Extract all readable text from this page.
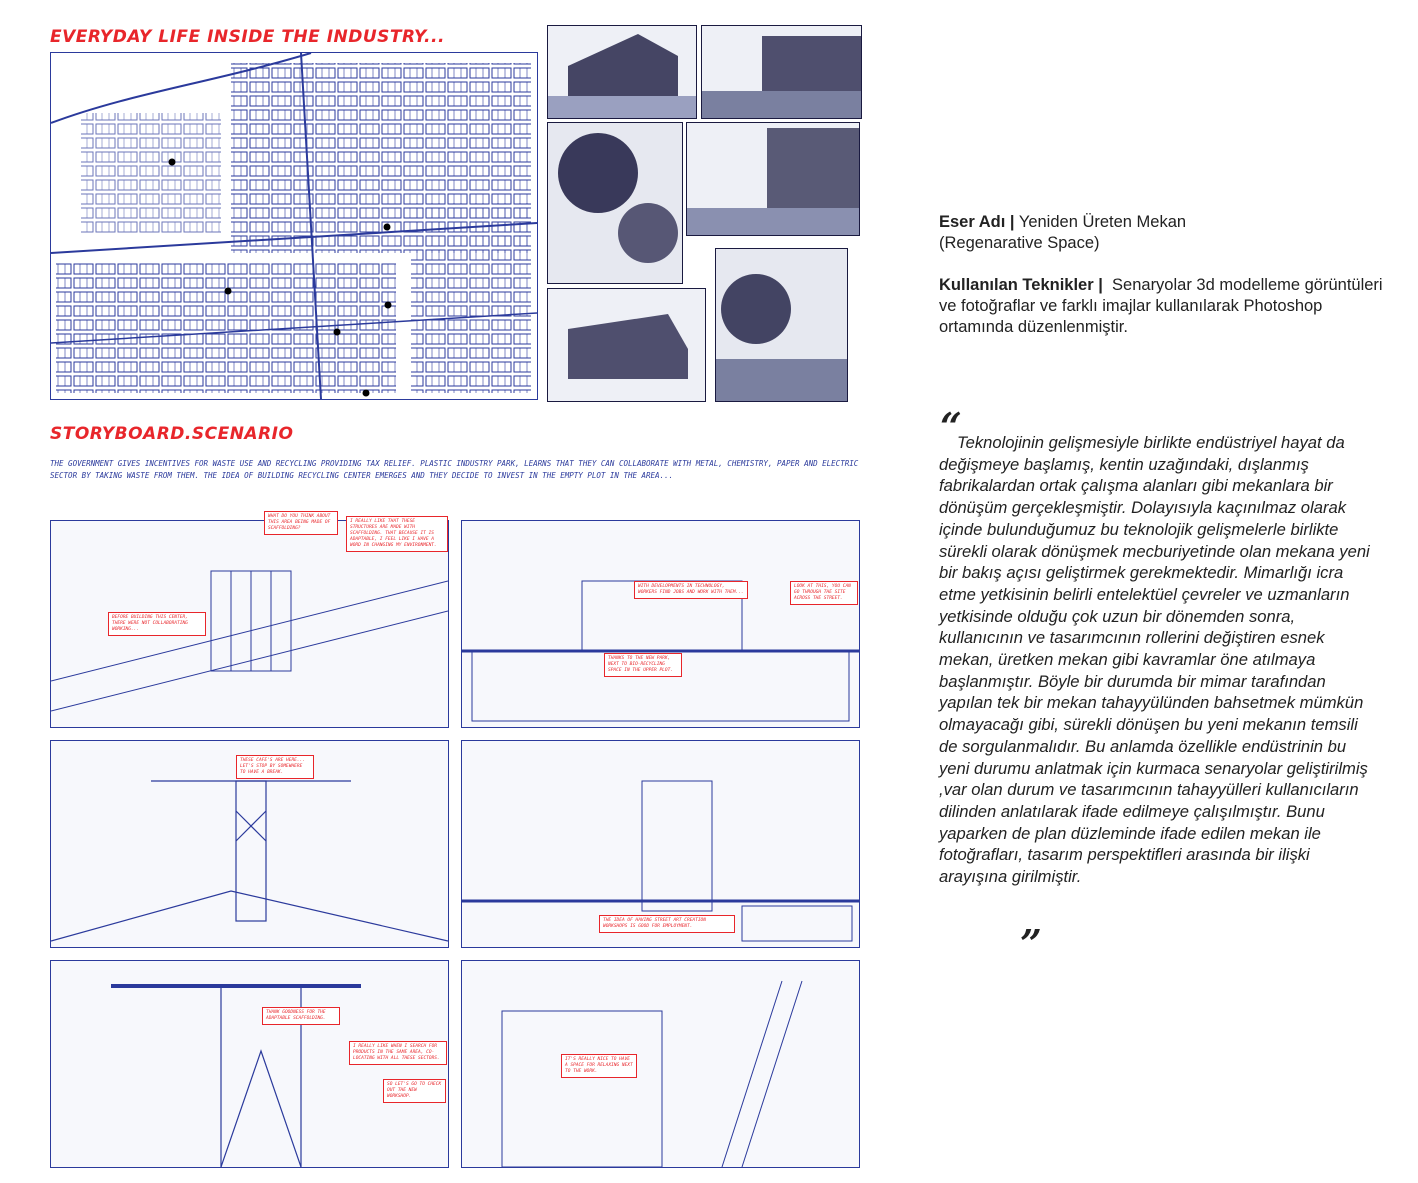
EVERYDAY LIFE INSIDE THE INDUSTRY...
STORYBOARD.SCENARIO
THE GOVERNMENT GIVES INCENTIVES FOR WASTE USE AND RECYCLING PROVIDING TAX RELIEF. PLASTIC INDUSTRY PARK, LEARNS THAT THEY CAN COLLABORATE WITH METAL, CHEMISTRY, PAPER AND ELECTRIC SECTOR BY TAKING WASTE FROM THEM. THE IDEA OF BUILDING RECYCLING CENTER EMERGES AND THEY DECIDE TO INVEST IN THE EMPTY PLOT IN THE AREA...
WHAT DO YOU THINK ABOUT THIS AREA BEING MADE OF SCAFFOLDING?
I REALLY LIKE THAT THESE STRUCTURES ARE MADE WITH SCAFFOLDING. THAT BECAUSE IT IS ADAPTABLE, I FEEL LIKE I HAVE A WORD IN CHANGING MY ENVIRONMENT.
BEFORE BUILDING THIS CENTER, THERE WERE NOT COLLABORATING WORKING...
WITH DEVELOPMENTS IN TECHNOLOGY, WORKERS FIND JOBS AND WORK WITH THEM...
LOOK AT THIS, YOU CAN GO THROUGH THE SITE ACROSS THE STREET.
THANKS TO THE NEW PARK, NEXT TO BIO-RECYCLING SPACE IN THE UPPER PLOT.
THESE CAFE'S ARE HERE... LET'S STOP BY SOMEWHERE TO HAVE A BREAK.
THE IDEA OF HAVING STREET ART CREATION WORKSHOPS IS GOOD FOR EMPLOYMENT.
THANK GOODNESS FOR THE ADAPTABLE SCAFFOLDING.
I REALLY LIKE WHEN I SEARCH FOR PRODUCTS IN THE SAME AREA, CO-LOCATING WITH ALL THESE SECTORS.
SO LET'S GO TO CHECK OUT THE NEW WORKSHOP.
IT'S REALLY NICE TO HAVE A SPACE FOR RELAXING NEXT TO THE WORK.

Eser Adı | Yeniden Üreten Mekan
(Regenarative Space)

Kullanılan Teknikler | Senaryolar 3d modelleme görüntüleri ve fotoğraflar ve farklı imajlar kullanılarak Photoshop ortamında düzenlenmiştir.

“

Teknolojinin gelişmesiyle birlikte endüstriyel hayat da değişmeye başlamış, kentin uzağındaki, dışlanmış fabrikalardan ortak çalışma alanları gibi mekanlara bir dönüşüm gerçekleşmiştir. Dolayısıyla kaçınılmaz olarak içinde bulunduğumuz bu teknolojik gelişmelerle birlikte sürekli olarak dönüşmek mecburiyetinde olan mekana yeni bir bakış açısı geliştirmek gerekmektedir. Mimarlığı icra etme yetkisinin belirli entelektüel çevreler ve uzmanların yetkisinde olduğu çok uzun bir dönemden sonra, kullanıcının ve tasarımcının rollerini değiştiren esnek mekan, üretken mekan gibi kavramlar öne atılmaya başlanmıştır. Böyle bir durumda bir mimar tarafından yapılan tek bir mekan tahayyülünden bahsetmek mümkün olmayacağı gibi, sürekli dönüşen bu yeni mekanın temsili de sorgulanmalıdır. Bu anlamda özellikle endüstrinin bu yeni durumu anlatmak için kurmaca senaryolar geliştirilmiş ,var olan durum ve tasarımcının tahayyülleri kullanıcıların dilinden anlatılarak ifade edilmeye çalışılmıştır. Bunu yaparken de plan düzleminde ifade edilen mekan ile fotoğrafları, tasarım perspektifleri arasında bir ilişki arayışına girilmiştir.

”
